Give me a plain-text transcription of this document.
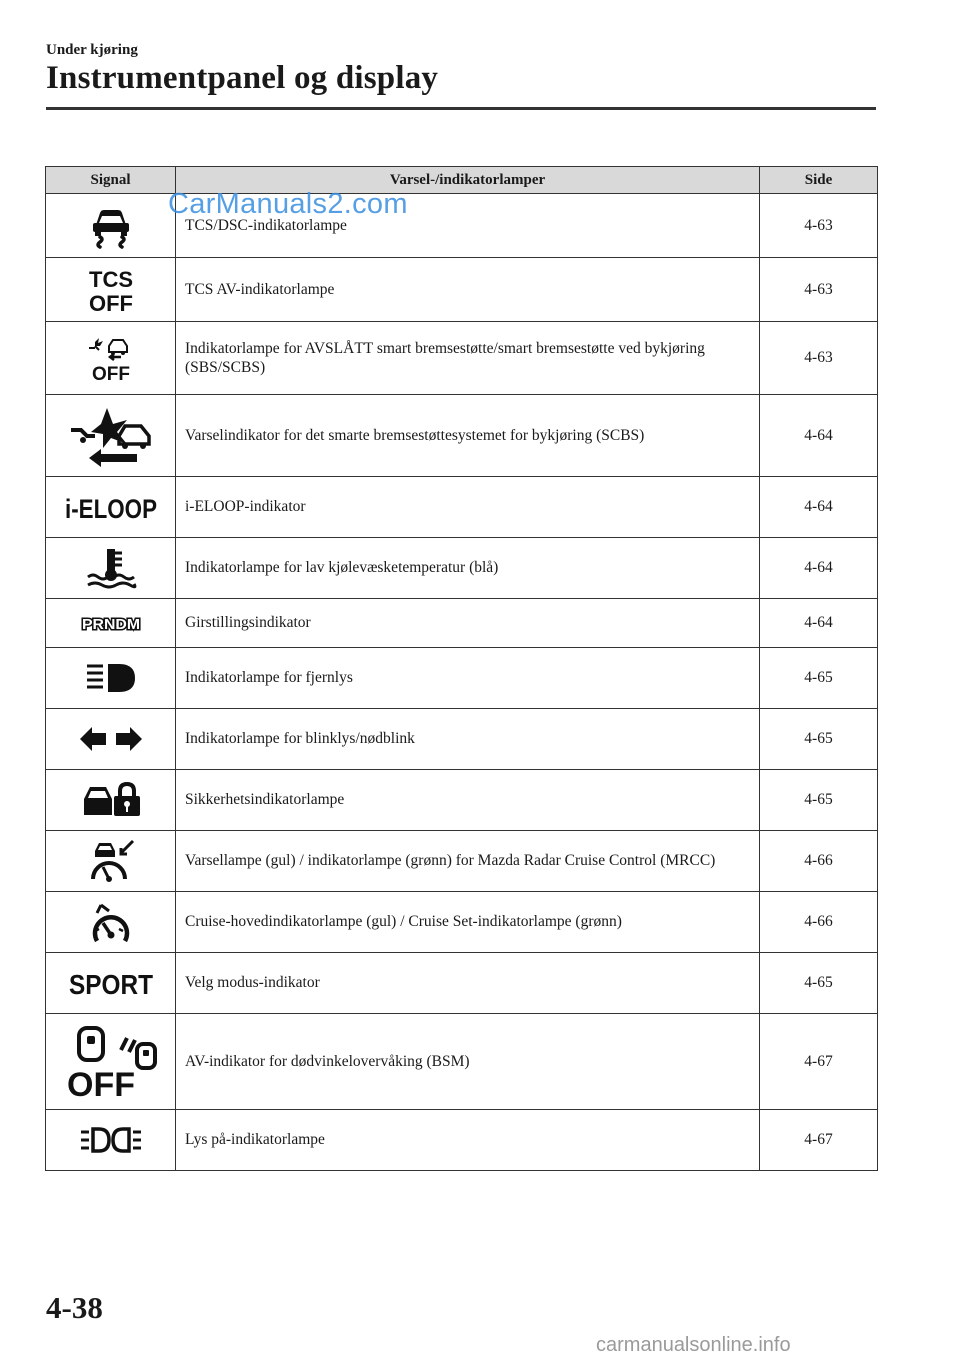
Under kjøring
Instrumentpanel og display
Signal	Varsel-/indikatorlamper	Side

	TCS/DSC-indikatorlampe	4-63

TCS
OFF	TCS AV-indikatorlampe	4-63

OFF	Indikatorlampe for AVSLÅTT smart bremsestøtte/smart bremsestøtte ved bykjøring (SBS/SCBS)	4-63

	Varselindikator for det smarte bremsestøttesystemet for bykjøring (SCBS)	4-64

i-ELOOP	i-ELOOP-indikator	4-64

	Indikatorlampe for lav kjølevæsketemperatur (blå)	4-64

PRNDM	Girstillingsindikator	4-64

	Indikatorlampe for fjernlys	4-65

	Indikatorlampe for blinklys/nødblink	4-65

	Sikkerhetsindikatorlampe	4-65

	Varsellampe (gul) / indikatorlampe (grønn) for Mazda Radar Cruise Control (MRCC)	4-66

	Cruise-hovedindikatorlampe (gul) / Cruise Set-indikatorlampe (grønn)	4-66

SPORT	Velg modus-indikator	4-65

OFF	AV-indikator for dødvinkelovervåking (BSM)	4-67

	Lys på-indikatorlampe	4-67
CarManuals2.com
4-38
carmanualsonline.info
